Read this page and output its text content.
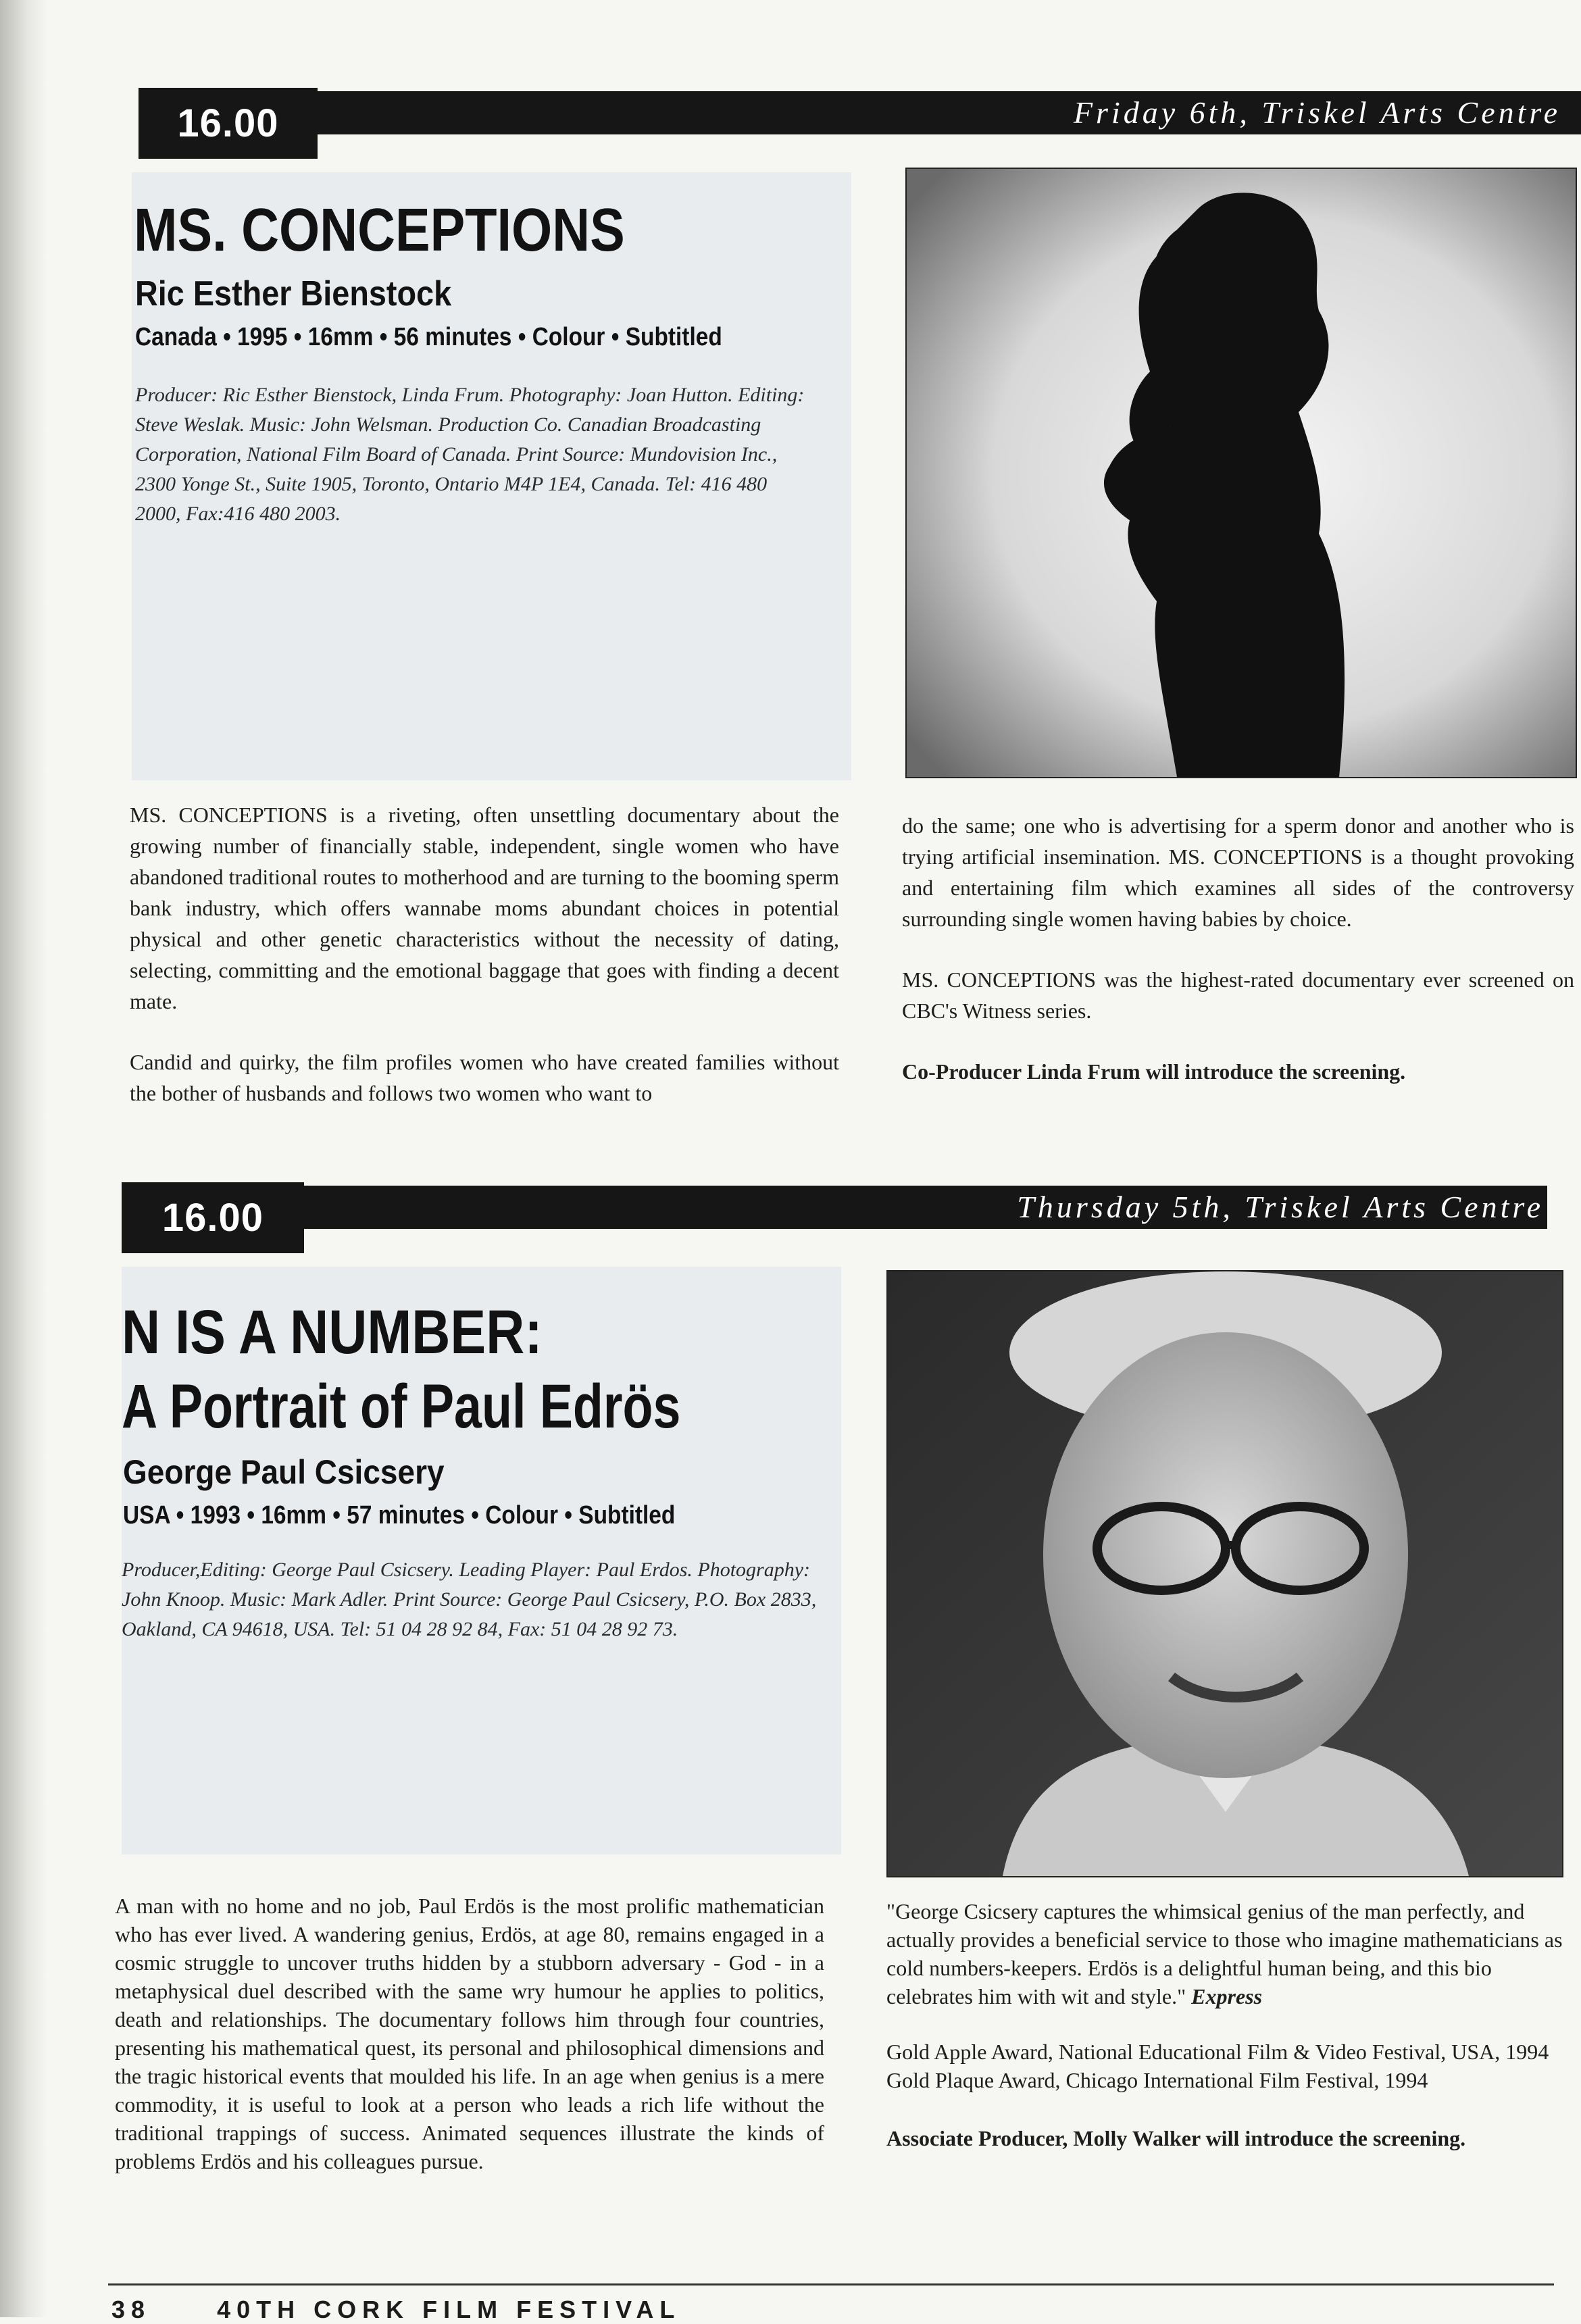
16.00	Friday 6th, Triskel Arts Centre
MS. CONCEPTIONS
Ric Esther Bienstock
Canada • 1995 • 16mm • 56 minutes • Colour • Subtitled
Producer: Ric Esther Bienstock, Linda Frum. Photography: Joan Hutton. Editing: Steve Weslak. Music: John Welsman. Production Co. Canadian Broadcasting Corporation, National Film Board of Canada. Print Source: Mundovision Inc., 2300 Yonge St., Suite 1905, Toronto, Ontario M4P 1E4, Canada. Tel: 416 480 2000, Fax:416 480 2003.

MS. CONCEPTIONS is a riveting, often unsettling documentary about the growing number of financially stable, independent, single women who have abandoned traditional routes to motherhood and are turning to the booming sperm bank industry, which offers wannabe moms abundant choices in potential physical and other genetic characteristics without the necessity of dating, selecting, committing and the emotional baggage that goes with finding a decent mate.

Candid and quirky, the film profiles women who have created families without the bother of husbands and follows two women who want to

do the same; one who is advertising for a sperm donor and another who is trying artificial insemination. MS. CONCEPTIONS is a thought provoking and entertaining film which examines all sides of the controversy surrounding single women having babies by choice.

MS. CONCEPTIONS was the highest-rated documentary ever screened on CBC's Witness series.

Co-Producer Linda Frum will introduce the screening.

16.00	Thursday 5th, Triskel Arts Centre
N IS A NUMBER:
A Portrait of Paul Edrös
George Paul Csicsery
USA • 1993 • 16mm • 57 minutes • Colour • Subtitled
Producer,Editing: George Paul Csicsery. Leading Player: Paul Erdos. Photography: John Knoop. Music: Mark Adler. Print Source: George Paul Csicsery, P.O. Box 2833, Oakland, CA 94618, USA. Tel: 51 04 28 92 84, Fax: 51 04 28 92 73.

A man with no home and no job, Paul Erdös is the most prolific mathematician who has ever lived. A wandering genius, Erdös, at age 80, remains engaged in a cosmic struggle to uncover truths hidden by a stubborn adversary - God - in a metaphysical duel described with the same wry humour he applies to politics, death and relationships. The documentary follows him through four countries, presenting his mathematical quest, its personal and philosophical dimensions and the tragic historical events that moulded his life. In an age when genius is a mere commodity, it is useful to look at a person who leads a rich life without the traditional trappings of success. Animated sequences illustrate the kinds of problems Erdös and his colleagues pursue.

"George Csicsery captures the whimsical genius of the man perfectly, and actually provides a beneficial service to those who imagine mathematicians as cold numbers-keepers. Erdös is a delightful human being, and this bio celebrates him with wit and style." Express

Gold Apple Award, National Educational Film & Video Festival, USA, 1994

Gold Plaque Award, Chicago International Film Festival, 1994

Associate Producer, Molly Walker will introduce the screening.

38	40TH CORK FILM FESTIVAL
